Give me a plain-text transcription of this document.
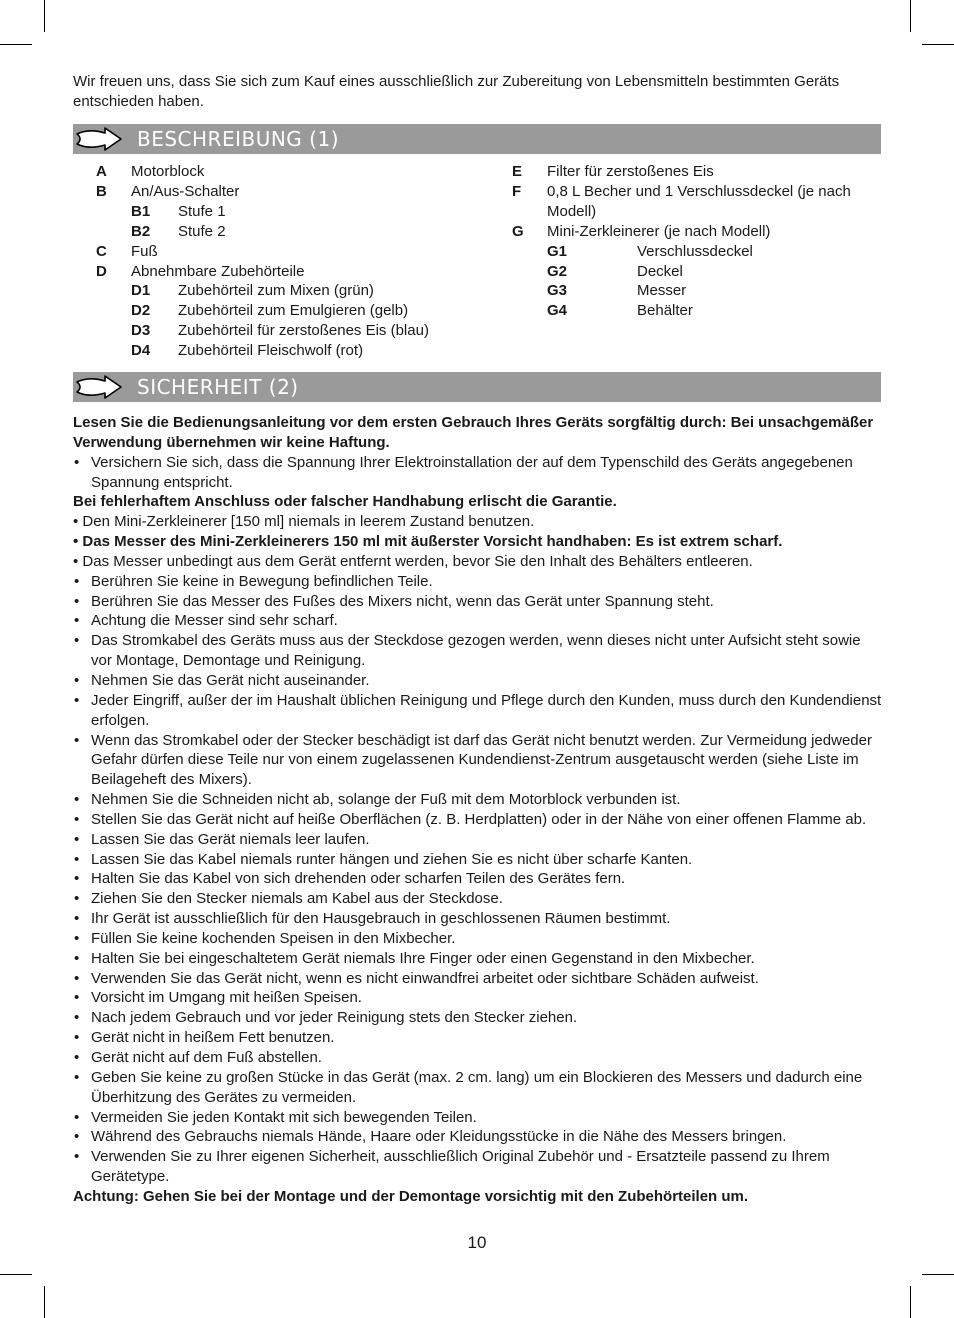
Wir freuen uns, dass Sie sich zum Kauf eines ausschließlich zur Zubereitung von Lebensmitteln bestimmten Geräts entschieden haben.
BESCHREIBUNG (1)
A Motorblock
B An/Aus-Schalter
B1 Stufe 1
B2 Stufe 2
C Fuß
D Abnehmbare Zubehörteile
D1 Zubehörteil zum Mixen (grün)
D2 Zubehörteil zum Emulgieren (gelb)
D3 Zubehörteil für zerstoßenes Eis (blau)
D4 Zubehörteil Fleischwolf (rot)
E Filter für zerstoßenes Eis
F 0,8 L Becher und 1 Verschlussdeckel (je nach
Modell)
G Mini-Zerkleinerer (je nach Modell)
G1	Verschlussdeckel
G2	Deckel
G3	Messer
G4	Behälter
SICHERHEIT (2)
Lesen Sie die Bedienungsanleitung vor dem ersten Gebrauch Ihres Geräts sorgfältig durch: Bei unsachgemäßer Verwendung übernehmen wir keine Haftung.
• Versichern Sie sich, dass die Spannung Ihrer Elektroinstallation der auf dem Typenschild des Geräts angegebenen Spannung entspricht.
Bei fehlerhaftem Anschluss oder falscher Handhabung erlischt die Garantie.
• Den Mini-Zerkleinerer [150 ml] niemals in leerem Zustand benutzen.
• Das Messer des Mini-Zerkleinerers 150 ml mit äußerster Vorsicht handhaben: Es ist extrem scharf.
• Das Messer unbedingt aus dem Gerät entfernt werden, bevor Sie den Inhalt des Behälters entleeren.
• Berühren Sie keine in Bewegung befindlichen Teile.
• Berühren Sie das Messer des Fußes des Mixers nicht, wenn das Gerät unter Spannung steht.
• Achtung die Messer sind sehr scharf.
• Das Stromkabel des Geräts muss aus der Steckdose gezogen werden, wenn dieses nicht unter Aufsicht steht sowie vor Montage, Demontage und Reinigung.
• Nehmen Sie das Gerät nicht auseinander.
• Jeder Eingriff, außer der im Haushalt üblichen Reinigung und Pflege durch den Kunden, muss durch den Kundendienst erfolgen.
• Wenn das Stromkabel oder der Stecker beschädigt ist darf das Gerät nicht benutzt werden. Zur Vermeidung jedweder Gefahr dürfen diese Teile nur von einem zugelassenen Kundendienst-Zentrum ausgetauscht werden (siehe Liste im Beilageheft des Mixers).
• Nehmen Sie die Schneiden nicht ab, solange der Fuß mit dem Motorblock verbunden ist.
• Stellen Sie das Gerät nicht auf heiße Oberflächen (z. B. Herdplatten) oder in der Nähe von einer offenen Flamme ab.
• Lassen Sie das Gerät niemals leer laufen.
• Lassen Sie das Kabel niemals runter hängen und ziehen Sie es nicht über scharfe Kanten.
• Halten Sie das Kabel von sich drehenden oder scharfen Teilen des Gerätes fern.
• Ziehen Sie den Stecker niemals am Kabel aus der Steckdose.
• Ihr Gerät ist ausschließlich für den Hausgebrauch in geschlossenen Räumen bestimmt.
• Füllen Sie keine kochenden Speisen in den Mixbecher.
• Halten Sie bei eingeschaltetem Gerät niemals Ihre Finger oder einen Gegenstand in den Mixbecher.
• Verwenden Sie das Gerät nicht, wenn es nicht einwandfrei arbeitet oder sichtbare Schäden aufweist.
• Vorsicht im Umgang mit heißen Speisen.
• Nach jedem Gebrauch und vor jeder Reinigung stets den Stecker ziehen.
• Gerät nicht in heißem Fett benutzen.
• Gerät nicht auf dem Fuß abstellen.
• Geben Sie keine zu großen Stücke in das Gerät (max. 2 cm. lang) um ein Blockieren des Messers und dadurch eine Überhitzung des Gerätes zu vermeiden.
• Vermeiden Sie jeden Kontakt mit sich bewegenden Teilen.
• Während des Gebrauchs niemals Hände, Haare oder Kleidungsstücke in die Nähe des Messers bringen.
• Verwenden Sie zu Ihrer eigenen Sicherheit, ausschließlich Original Zubehör und - Ersatzteile passend zu Ihrem Gerätetype.
Achtung: Gehen Sie bei der Montage und der Demontage vorsichtig mit den Zubehörteilen um.
10
